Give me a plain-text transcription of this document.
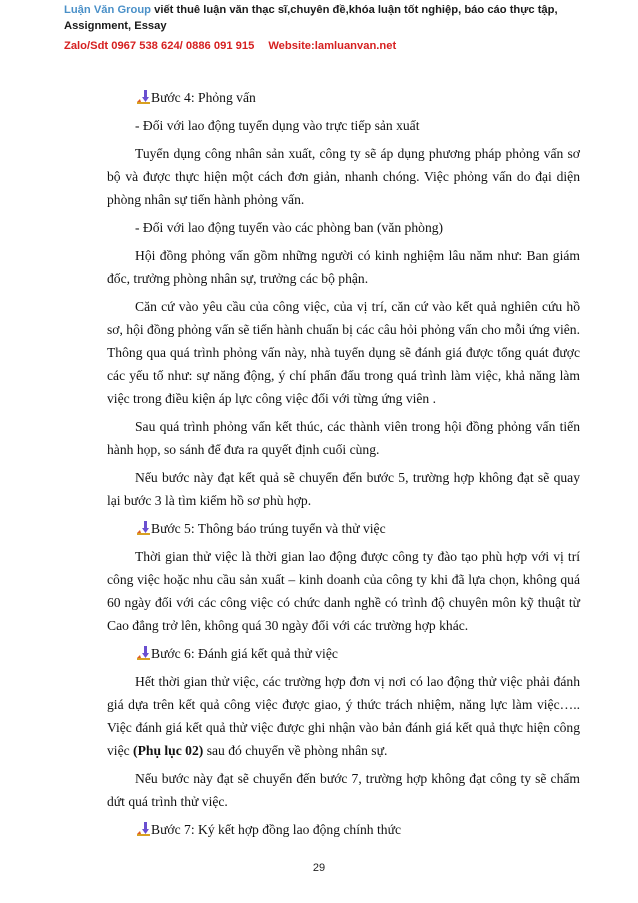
Luận Văn Group viết thuê luận văn thạc sĩ,chuyên đề,khóa luận tốt nghiệp, báo cáo thực tập,
Assignment, Essay
Zalo/Sdt 0967 538 624/ 0886 091 915 Website:lamluanvan.net
Bước 4: Phỏng vấn

- Đối với lao động tuyển dụng vào trực tiếp sản xuất

Tuyển dụng công nhân sản xuất, công ty sẽ áp dụng phương pháp phỏng vấn sơ bộ và được thực hiện một cách đơn giản, nhanh chóng. Việc phỏng vấn do đại diện phòng nhân sự tiến hành phỏng vấn.

- Đối với lao động tuyển vào các phòng ban (văn phòng)

Hội đồng phỏng vấn gồm những người có kinh nghiệm lâu năm như: Ban giám đốc, trưởng phòng nhân sự, trưởng các bộ phận.

Căn cứ vào yêu cầu của công việc, của vị trí, căn cứ vào kết quả nghiên cứu hồ sơ, hội đồng phỏng vấn sẽ tiến hành chuẩn bị các câu hỏi phỏng vấn cho mỗi ứng viên. Thông qua quá trình phỏng vấn này, nhà tuyển dụng sẽ đánh giá được tổng quát được các yếu tố như: sự năng động, ý chí phấn đấu trong quá trình làm việc, khả năng làm việc trong điều kiện áp lực công việc đối với từng ứng viên .

Sau quá trình phỏng vấn kết thúc, các thành viên trong hội đồng phỏng vấn tiến hành họp, so sánh để đưa ra quyết định cuối cùng.

Nếu bước này đạt kết quả sẽ chuyển đến bước 5, trường hợp không đạt sẽ quay lại bước 3 là tìm kiếm hồ sơ phù hợp.

Bước 5: Thông báo trúng tuyển và thử việc

Thời gian thử việc là thời gian lao động được công ty đào tạo phù hợp với vị trí công việc hoặc nhu cầu sản xuất – kinh doanh của công ty khi đã lựa chọn, không quá 60 ngày đối với các công việc có chức danh nghề có trình độ chuyên môn kỹ thuật từ Cao đẳng trở lên, không quá 30 ngày đối với các trường hợp khác.

Bước 6: Đánh giá kết quả thử việc

Hết thời gian thử việc, các trường hợp đơn vị nơi có lao động thử việc phải đánh giá dựa trên kết quả công việc được giao, ý thức trách nhiệm, năng lực làm việc….. Việc đánh giá kết quả thử việc được ghi nhận vào bản đánh giá kết quả thực hiện công việc (Phụ lục 02) sau đó chuyển về phòng nhân sự.

Nếu bước này đạt sẽ chuyển đến bước 7, trường hợp không đạt công ty sẽ chấm dứt quá trình thử việc.

Bước 7: Ký kết hợp đồng lao động chính thức
29
